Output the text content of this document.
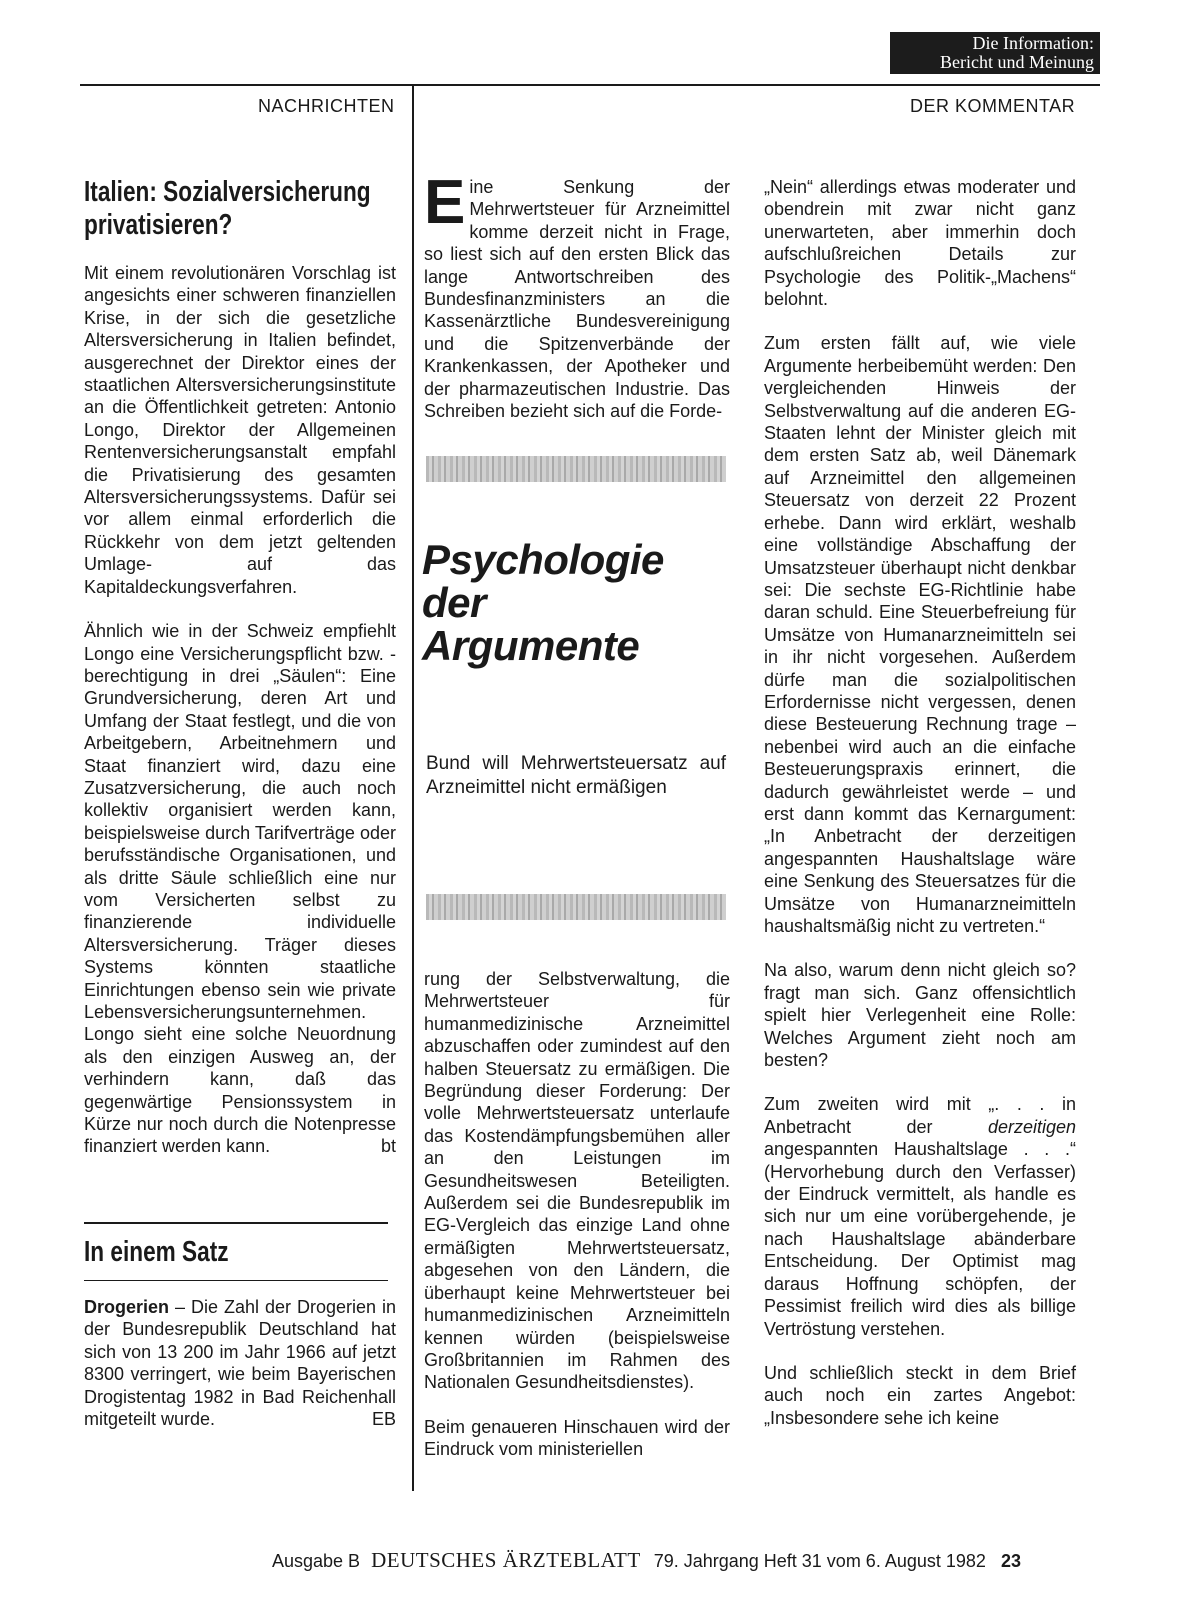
Die Information:
Bericht und Meinung
NACHRICHTEN	DER KOMMENTAR
Italien: Sozialversicherung privatisieren?

Mit einem revolutionären Vorschlag ist angesichts einer schweren finanziellen Krise, in der sich die gesetzliche Altersversicherung in Italien befindet, ausgerechnet der Direktor eines der staatlichen Altersversicherungsinstitute an die Öffentlichkeit getreten: Antonio Longo, Direktor der Allgemeinen Rentenversicherungsanstalt empfahl die Privatisierung des gesamten Altersversicherungssystems. Dafür sei vor allem einmal erforderlich die Rückkehr von dem jetzt geltenden Umlage- auf das Kapitaldeckungsverfahren.

Ähnlich wie in der Schweiz empfiehlt Longo eine Versicherungspflicht bzw. -berechtigung in drei „Säulen“: Eine Grundversicherung, deren Art und Umfang der Staat festlegt, und die von Arbeitgebern, Arbeitnehmern und Staat finanziert wird, dazu eine Zusatzversicherung, die auch noch kollektiv organisiert werden kann, beispielsweise durch Tarifverträge oder berufsständische Organisationen, und als dritte Säule schließlich eine nur vom Versicherten selbst zu finanzierende individuelle Altersversicherung. Träger dieses Systems könnten staatliche Einrichtungen ebenso sein wie private Lebensversicherungsunternehmen. Longo sieht eine solche Neuordnung als den einzigen Ausweg an, der verhindern kann, daß das gegenwärtige Pensionssystem in Kürze nur noch durch die Notenpresse finanziert werden kann.	bt

In einem Satz
Drogerien – Die Zahl der Drogerien in der Bundesrepublik Deutschland hat sich von 13 200 im Jahr 1966 auf jetzt 8300 verringert, wie beim Bayerischen Drogistentag 1982 in Bad Reichenhall mitgeteilt wurde.	EB
Eine Senkung der Mehrwertsteuer für Arzneimittel komme derzeit nicht in Frage, so liest sich auf den ersten Blick das lange Antwortschreiben des Bundesfinanzministers an die Kassenärztliche Bundesvereinigung und die Spitzenverbände der Krankenkassen, der Apotheker und der pharmazeutischen Industrie. Das Schreiben bezieht sich auf die Forde-
Psychologie
der
Argumente
Bund will Mehrwertsteuersatz auf Arzneimittel nicht ermäßigen

rung der Selbstverwaltung, die Mehrwertsteuer für humanmedizinische Arzneimittel abzuschaffen oder zumindest auf den halben Steuersatz zu ermäßigen. Die Begründung dieser Forderung: Der volle Mehrwertsteuersatz unterlaufe das Kostendämpfungsbemühen aller an den Leistungen im Gesundheitswesen Beteiligten. Außerdem sei die Bundesrepublik im EG-Vergleich das einzige Land ohne ermäßigten Mehrwertsteuersatz, abgesehen von den Ländern, die überhaupt keine Mehrwertsteuer bei humanmedizinischen Arzneimitteln kennen würden (beispielsweise Großbritannien im Rahmen des Nationalen Gesundheitsdienstes).

Beim genaueren Hinschauen wird der Eindruck vom ministeriellen

„Nein“ allerdings etwas moderater und obendrein mit zwar nicht ganz unerwarteten, aber immerhin doch aufschlußreichen Details zur Psychologie des Politik-„Machens“ belohnt.

Zum ersten fällt auf, wie viele Argumente herbeibemüht werden: Den vergleichenden Hinweis der Selbstverwaltung auf die anderen EG-Staaten lehnt der Minister gleich mit dem ersten Satz ab, weil Dänemark auf Arzneimittel den allgemeinen Steuersatz von derzeit 22 Prozent erhebe. Dann wird erklärt, weshalb eine vollständige Abschaffung der Umsatzsteuer überhaupt nicht denkbar sei: Die sechste EG-Richtlinie habe daran schuld. Eine Steuerbefreiung für Umsätze von Humanarzneimitteln sei in ihr nicht vorgesehen. Außerdem dürfe man die sozialpolitischen Erfordernisse nicht vergessen, denen diese Besteuerung Rechnung trage – nebenbei wird auch an die einfache Besteuerungspraxis erinnert, die dadurch gewährleistet werde – und erst dann kommt das Kernargument: „In Anbetracht der derzeitigen angespannten Haushaltslage wäre eine Senkung des Steuersatzes für die Umsätze von Humanarzneimitteln haushaltsmäßig nicht zu vertreten.“

Na also, warum denn nicht gleich so? fragt man sich. Ganz offensichtlich spielt hier Verlegenheit eine Rolle: Welches Argument zieht noch am besten?

Zum zweiten wird mit „. . . in Anbetracht der derzeitigen angespannten Haushaltslage . . .“ (Hervorhebung durch den Verfasser) der Eindruck vermittelt, als handle es sich nur um eine vorübergehende, je nach Haushaltslage abänderbare Entscheidung. Der Optimist mag daraus Hoffnung schöpfen, der Pessimist freilich wird dies als billige Vertröstung verstehen.

Und schließlich steckt in dem Brief auch noch ein zartes Angebot: „Insbesondere sehe ich keine

Ausgabe B DEUTSCHES ÄRZTEBLATT 79. Jahrgang Heft 31 vom 6. August 1982 23
